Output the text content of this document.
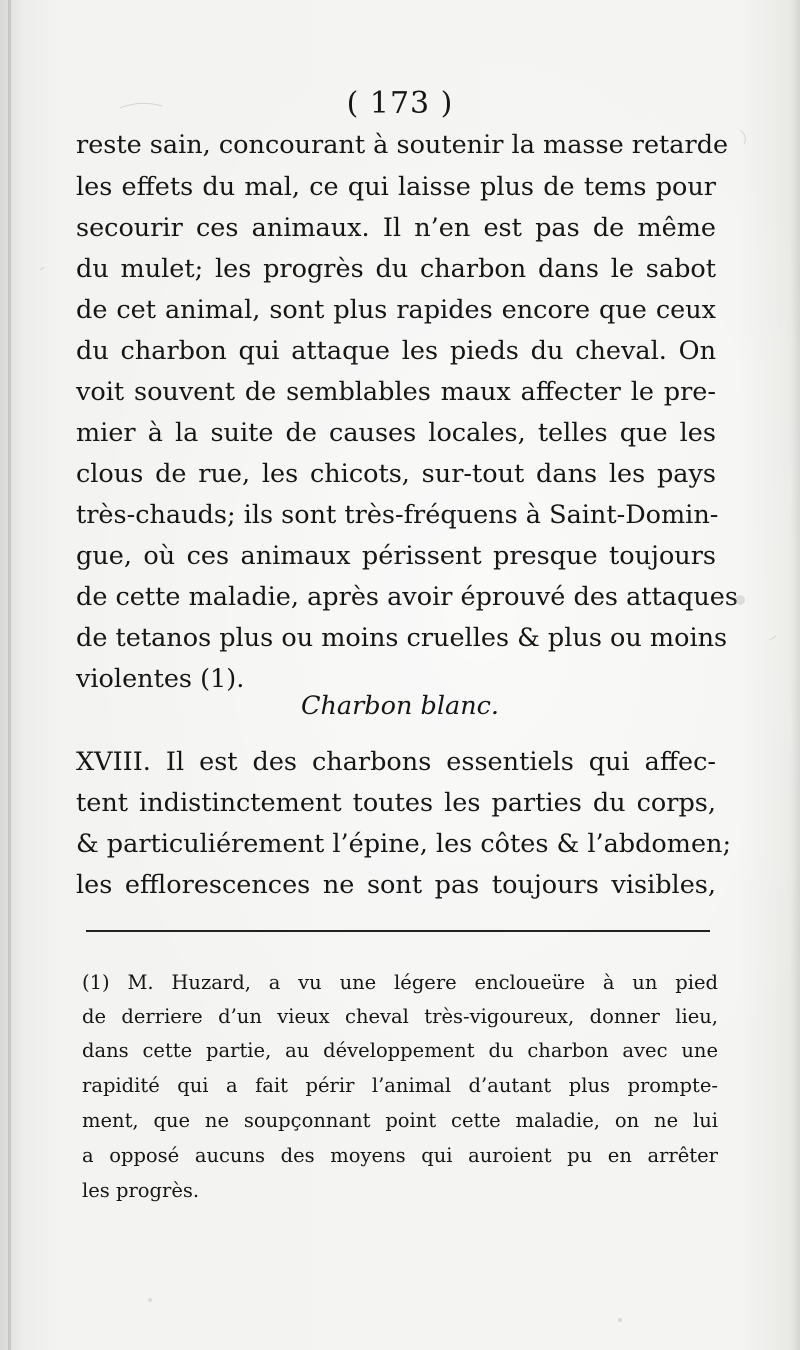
( 173 )
reste sain, concourant à soutenir la masse retarde
les effets du mal, ce qui laisse plus de tems pour
secourir ces animaux. Il n’en est pas de même
du mulet; les progrès du charbon dans le sabot
de cet animal, sont plus rapides encore que ceux
du charbon qui attaque les pieds du cheval. On
voit souvent de semblables maux affecter le pre-
mier à la suite de causes locales, telles que les
clous de rue, les chicots, sur-tout dans les pays
très-chauds; ils sont très-fréquens à Saint-Domin-
gue, où ces animaux périssent presque toujours
de cette maladie, après avoir éprouvé des attaques
de tetanos plus ou moins cruelles & plus ou moins
violentes (1).
Charbon blanc.
XVIII. Il est des charbons essentiels qui affec-
tent indistinctement toutes les parties du corps,
& particuliérement l’épine, les côtes & l’abdomen;
les efflorescences ne sont pas toujours visibles,
(1) M. Huzard, a vu une légere encloueüre à un pied
de derriere d’un vieux cheval très-vigoureux, donner lieu,
dans cette partie, au développement du charbon avec une
rapidité qui a fait périr l’animal d’autant plus prompte-
ment, que ne soupçonnant point cette maladie, on ne lui
a opposé aucuns des moyens qui auroient pu en arrêter
les progrès.
